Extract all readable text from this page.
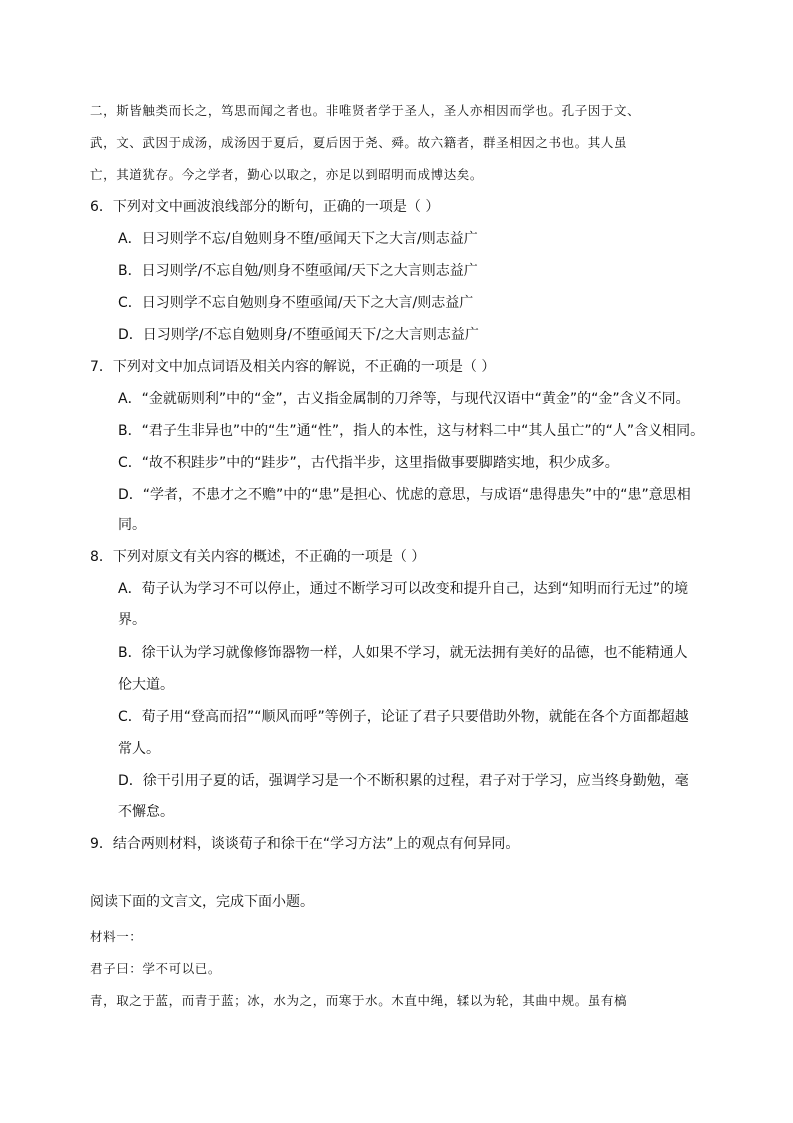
二，斯皆触类而长之，笃思而闻之者也。非唯贤者学于圣人，圣人亦相因而学也。孔子因于文、
武，文、武因于成汤，成汤因于夏后，夏后因于尧、舜。故六籍者，群圣相因之书也。其人虽
亡，其道犹存。今之学者，勤心以取之，亦足以到昭明而成博达矣。
6．下列对文中画波浪线部分的断句，正确的一项是（ ）
A．日习则学不忘/自勉则身不堕/亟闻天下之大言/则志益广
B．日习则学/不忘自勉/则身不堕亟闻/天下之大言则志益广
C．日习则学不忘自勉则身不堕亟闻/天下之大言/则志益广
D．日习则学/不忘自勉则身/不堕亟闻天下/之大言则志益广
7．下列对文中加点词语及相关内容的解说，不正确的一项是（ ）
A．“金就砺则利”中的“金”，古义指金属制的刀斧等，与现代汉语中“黄金”的“金”含义不同。
B．“君子生非异也”中的“生”通“性”，指人的本性，这与材料二中“其人虽亡”的“人”含义相同。
C．“故不积跬步”中的“跬步”，古代指半步，这里指做事要脚踏实地，积少成多。
D．“学者，不患才之不赡”中的“患”是担心、忧虑的意思，与成语“患得患失”中的“患”意思相
同。
8．下列对原文有关内容的概述，不正确的一项是（ ）
A．荀子认为学习不可以停止，通过不断学习可以改变和提升自己，达到“知明而行无过”的境
界。
B．徐干认为学习就像修饰器物一样，人如果不学习，就无法拥有美好的品德，也不能精通人
伦大道。
C．荀子用“登高而招”“顺风而呼”等例子，论证了君子只要借助外物，就能在各个方面都超越
常人。
D．徐干引用子夏的话，强调学习是一个不断积累的过程，君子对于学习，应当终身勤勉，毫
不懈怠。
9．结合两则材料，谈谈荀子和徐干在“学习方法”上的观点有何异同。
阅读下面的文言文，完成下面小题。
材料一：
君子曰：学不可以已。
青，取之于蓝，而青于蓝；冰，水为之，而寒于水。木直中绳，𫐓以为轮，其曲中规。虽有槁
